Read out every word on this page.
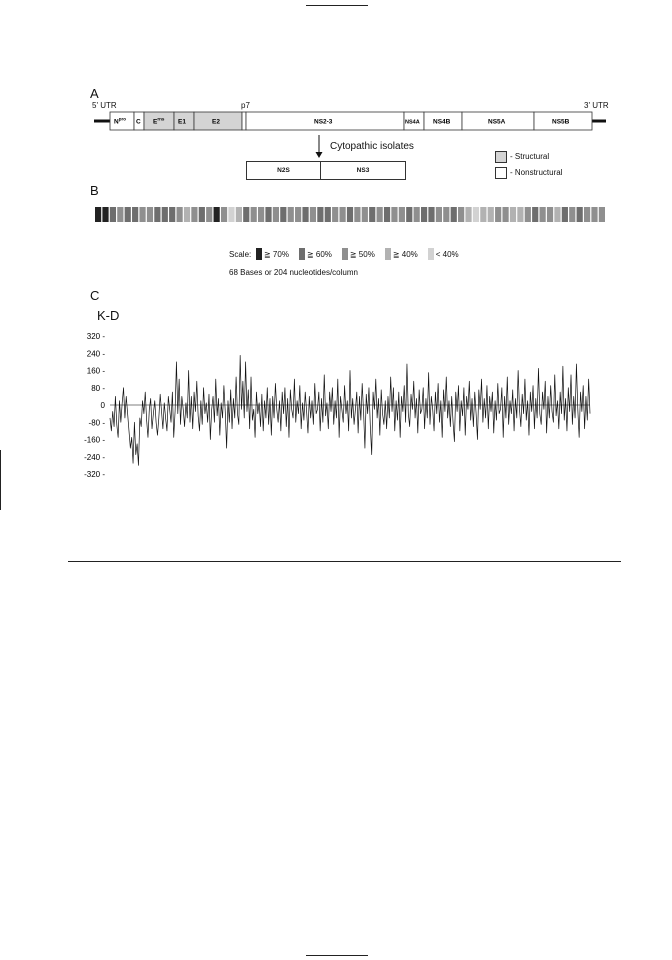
A
5' UTR	3' UTR
p7
$N^{pro}$ C $E^{rns}$ E1	E2	NS2-3	NS4A NS4B	NS5A	NS5B
Cytopathic isolates
N2S	NS3
- Structural
- Nonstructural
B
Scale: ≧ 70% ≧ 60% ≧ 50% ≧ 40% < 40%
68 Bases or 204 nucleotides/column
C
K-D
320 -
240 -
160 -
80 -
0
-80 -
-160 -
-240 -
-320 -
